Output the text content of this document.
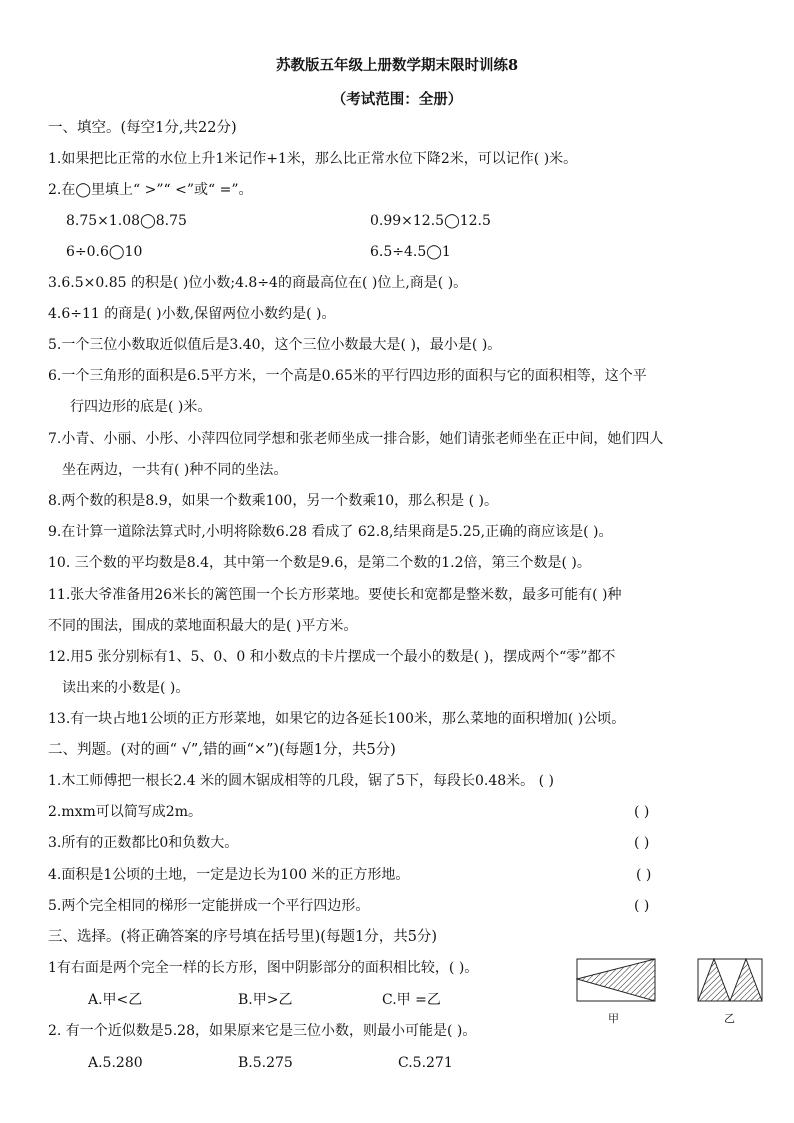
苏教版五年级上册数学期末限时训练8
（考试范围：全册）
一、填空。(每空1分,共22分)
1.如果把比正常的水位上升1米记作+1米，那么比正常水位下降2米，可以记作( )米。
2.在◯里填上“ >”“ <”或“ =”。
8.75×1.08◯8.75	0.99×12.5◯12.5
6÷0.6◯10	6.5÷4.5◯1
3.6.5×0.85 的积是( )位小数;4.8÷4的商最高位在( )位上,商是( )。
4.6÷11 的商是( )小数,保留两位小数约是( )。
5.一个三位小数取近似值后是3.40，这个三位小数最大是( )，最小是( )。
6.一个三角形的面积是6.5平方米，一个高是0.65米的平行四边形的面积与它的面积相等，这个平
行四边形的底是( )米。
7.小青、小丽、小彤、小萍四位同学想和张老师坐成一排合影，她们请张老师坐在正中间，她们四人
坐在两边，一共有( )种不同的坐法。
8.两个数的积是8.9，如果一个数乘100，另一个数乘10，那么积是 ( )。
9.在计算一道除法算式时,小明将除数6.28 看成了 62.8,结果商是5.25,正确的商应该是( )。
10. 三个数的平均数是8.4，其中第一个数是9.6，是第二个数的1.2倍，第三个数是( )。
11.张大爷准备用26米长的篱笆围一个长方形菜地。要使长和宽都是整米数，最多可能有( )种
不同的围法，围成的菜地面积最大的是( )平方米。
12.用5 张分别标有1、5、0、0 和小数点的卡片摆成一个最小的数是( )，摆成两个“零”都不
读出来的小数是( )。
13.有一块占地1公顷的正方形菜地，如果它的边各延长100米，那么菜地的面积增加( )公顷。
二、判题。(对的画“ √”,错的画“×”)(每题1分，共5分)
1.木工师傅把一根长2.4 米的圆木锯成相等的几段，锯了5下，每段长0.48米。 ( )
2.mxm可以简写成2m。	( )
3.所有的正数都比0和负数大。	( )
4.面积是1公顷的土地，一定是边长为100 米的正方形地。	( )
5.两个完全相同的梯形一定能拼成一个平行四边形。	( )
三、选择。(将正确答案的序号填在括号里)(每题1分，共5分)
1有右面是两个完全一样的长方形，图中阴影部分的面积相比较，( )。
A.甲<乙	B.甲>乙	C.甲 =乙
2. 有一个近似数是5.28，如果原来它是三位小数，则最小可能是( )。
A.5.280	B.5.275	C.5.271
甲	乙
